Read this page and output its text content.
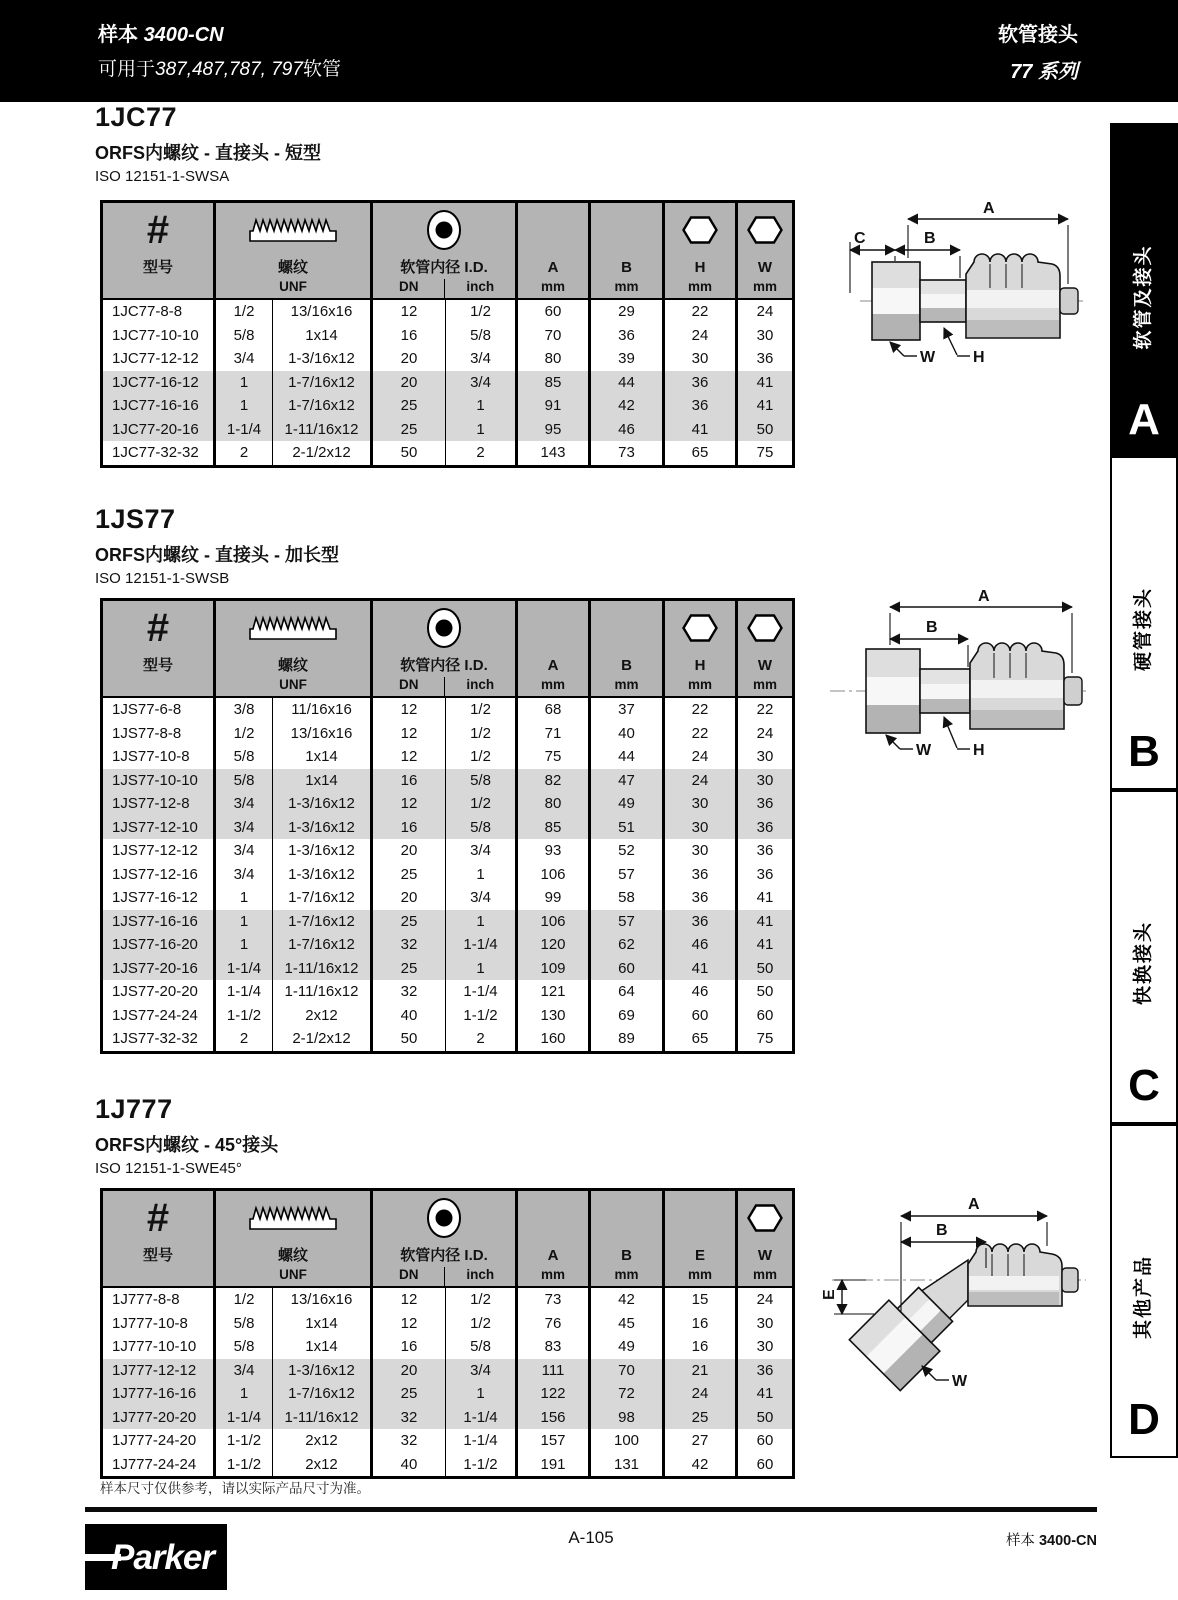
样本 3400-CN
可用于387,487,787, 797软管
软管接头
77 系列
1JC77
ORFS内螺纹 - 直接头 - 短型
ISO 12151-1-SWSA
1JS77
ORFS内螺纹 - 直接头 - 加长型
ISO 12151-1-SWSB
1J777
ORFS内螺纹 - 45°接头
ISO 12151-1-SWE45°
#
型号	螺纹
UNF
软管内径 I.D.
DN	inch
A
mm
B
mm
H
mm
W
mm
1JC77-8-8	1/2	13/16x16	12	1/2	60	29	22	24
1JC77-10-10	5/8	1x14	16	5/8	70	36	24	30
1JC77-12-12	3/4	1-3/16x12	20	3/4	80	39	30	36
1JC77-16-12	1	1-7/16x12	20	3/4	85	44	36	41
1JC77-16-16	1	1-7/16x12	25	1	91	42	36	41
1JC77-20-16	1-1/4	1-11/16x12	25	1	95	46	41	50
1JC77-32-32	2	2-1/2x12	50	2	143	73	65	75
#
型号	螺纹
UNF
软管内径 I.D.
DN	inch
A
mm
B
mm
H
mm
W
mm
1JS77-6-8	3/8	11/16x16	12	1/2	68	37	22	22
1JS77-8-8	1/2	13/16x16	12	1/2	71	40	22	24
1JS77-10-8	5/8	1x14	12	1/2	75	44	24	30
1JS77-10-10	5/8	1x14	16	5/8	82	47	24	30
1JS77-12-8	3/4	1-3/16x12	12	1/2	80	49	30	36
1JS77-12-10	3/4	1-3/16x12	16	5/8	85	51	30	36
1JS77-12-12	3/4	1-3/16x12	20	3/4	93	52	30	36
1JS77-12-16	3/4	1-3/16x12	25	1	106	57	36	36
1JS77-16-12	1	1-7/16x12	20	3/4	99	58	36	41
1JS77-16-16	1	1-7/16x12	25	1	106	57	36	41
1JS77-16-20	1	1-7/16x12	32	1-1/4	120	62	46	41
1JS77-20-16	1-1/4	1-11/16x12	25	1	109	60	41	50
1JS77-20-20	1-1/4	1-11/16x12	32	1-1/4	121	64	46	50
1JS77-24-24	1-1/2	2x12	40	1-1/2	130	69	60	60
1JS77-32-32	2	2-1/2x12	50	2	160	89	65	75
#
型号	螺纹
UNF
软管内径 I.D.
DN	inch
A
mm
B
mm
E
mm
W
mm
1J777-8-8	1/2	13/16x16	12	1/2	73	42	15	24
1J777-10-8	5/8	1x14	12	1/2	76	45	16	30
1J777-10-10	5/8	1x14	16	5/8	83	49	16	30
1J777-12-12	3/4	1-3/16x12	20	3/4	111	70	21	36
1J777-16-16	1	1-7/16x12	25	1	122	72	24	41
1J777-20-20	1-1/4	1-11/16x12	32	1-1/4	156	98	25	50
1J777-24-20	1-1/2	2x12	32	1-1/4	157	100	27	60
1J777-24-24	1-1/2	2x12	40	1-1/2	191	131	42	60
A
B
C
W H
A
B
W	H
A
B
E
W
软管及接头
A
硬管接头
B
快换接头
C
其他产品
D
样本尺寸仅供参考，请以实际产品尺寸为准。
A-105	样本 3400-CN
Parker
